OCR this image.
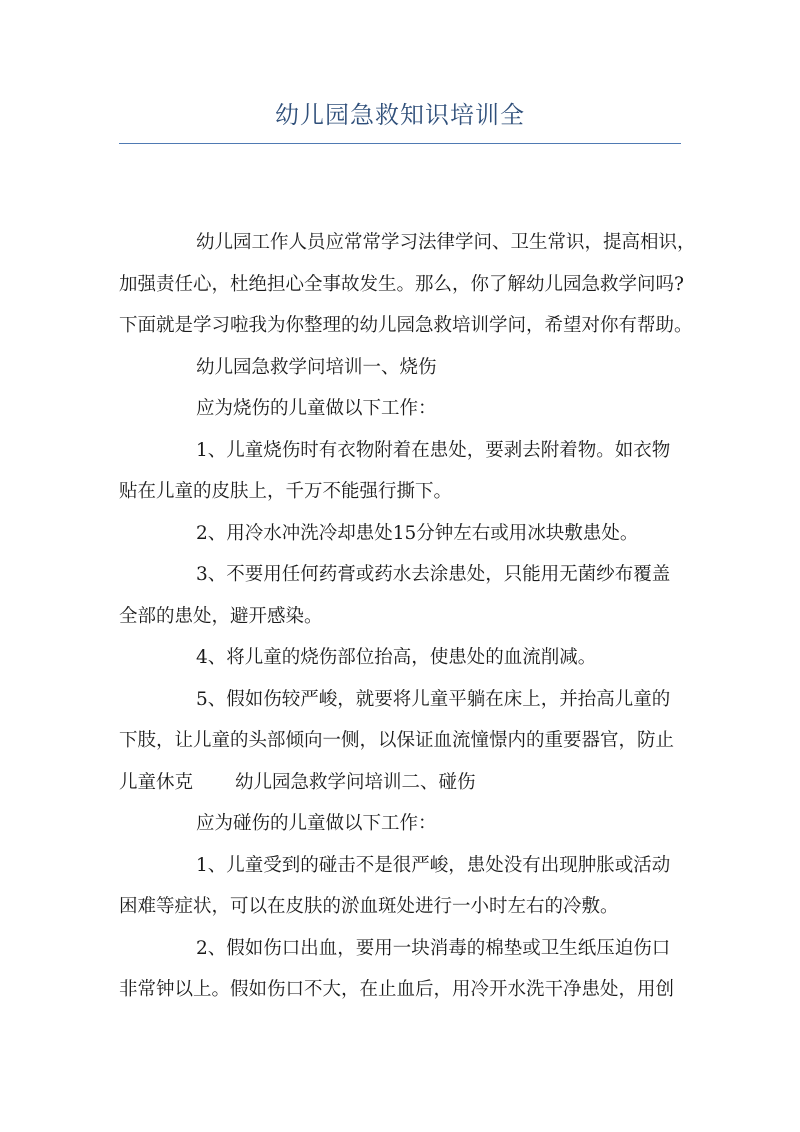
幼儿园急救知识培训全

幼儿园工作人员应常常学习法律学问、卫生常识，提高相识，

加强责任心，杜绝担心全事故发生。那么，你了解幼儿园急救学问吗?

下面就是学习啦我为你整理的幼儿园急救培训学问，希望对你有帮助。

幼儿园急救学问培训一、烧伤

应为烧伤的儿童做以下工作：

1、儿童烧伤时有衣物附着在患处，要剥去附着物。如衣物

贴在儿童的皮肤上，千万不能强行撕下。

2、用冷水冲洗冷却患处15分钟左右或用冰块敷患处。

3、不要用任何药膏或药水去涂患处，只能用无菌纱布覆盖

全部的患处，避开感染。

4、将儿童的烧伤部位抬高，使患处的血流削减。

5、假如伤较严峻，就要将儿童平躺在床上，并抬高儿童的

下肢，让儿童的头部倾向一侧，以保证血流憧憬内的重要器官，防止

儿童休克 幼儿园急救学问培训二、碰伤

应为碰伤的儿童做以下工作：

1、儿童受到的碰击不是很严峻，患处没有出现肿胀或活动

困难等症状，可以在皮肤的淤血斑处进行一小时左右的冷敷。

2、假如伤口出血，要用一块消毒的棉垫或卫生纸压迫伤口

非常钟以上。假如伤口不大，在止血后，用冷开水洗干净患处，用创
